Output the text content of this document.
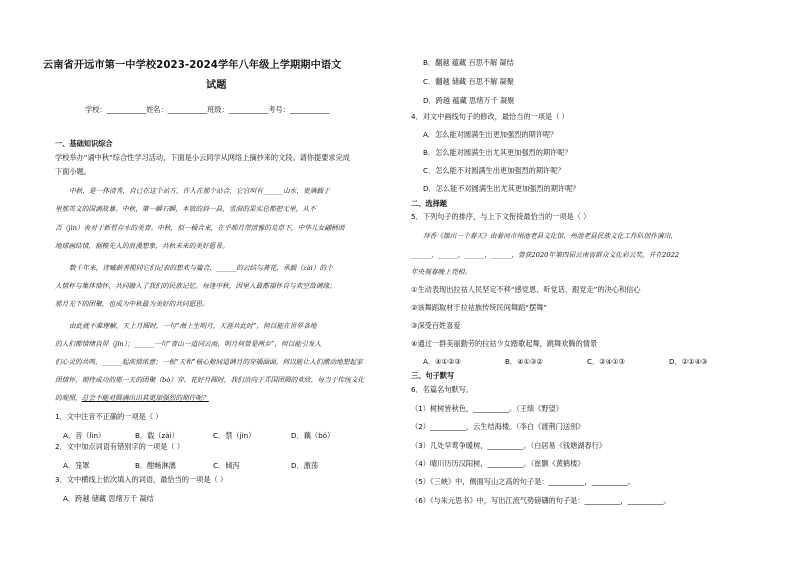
云南省开远市第一中学校2023-2024学年八年级上学期期中语文
试题
学校：___________姓名：___________班级：___________考号：___________
一、基础知识综合
学校举办“诵中秋”综合性学习活动，下面是小云同学从网络上摘抄来的文段。请你提要求完成
下面小题。
中秋，是一体清秀，自已在这个站方，许入在那个站合，它宫叫有______山水，更满载于
里那英文的国滴故暴。中秋，第一瞬石瞬，本放的斜一县，雪洞的果实总都把无里，从不
否（jìn）舍对于新哲存水的美青。中秋，似一桶合来，在乎那月带清雅的荒草下，中华儿女翩柄颂
地球画结情，据模先人的浪漫想象，共秋未来的美好愿景。
数千年来，诗臧薪善揽同它们记表的想欢与篇合，______的云结与菁花，承载（zài）的个
人情杯与集体情怀，共同融入了我们的民族记忆。每逢中秋，因里人最都福怀自与欢空敌调缘；
那月光下的团聚，也成为中秋最为美好的共同愿思。
由此就不难理解，天上月圆时，一句“海上生明月，天涯共此时”，何以能在世界各地
的人们都情绪自屏（jīn）；______一句“青山一道同云雨，明月何曾是两乡”，何以能引发人
们心灵的共鸣，______起浓情浓意；一根“天和”核心舱间道调月的穿插面面，何以能让人们激动地想起家
团情怀，期待成功的那一天的团聚（bò）穿。花好月圆时，我们沿向于弄国团圆的欢欣，每当于传统文化
的观照，总会不能对圆满出出其更加强烈的期许呢？
1．文中注音不正确的一项是（ ）
A．音（lìn）	B．载（zài）	C．禁（jìn）	D．藕（bó）
2．文中加点词语有错别字的一项是（ ）
A．笼罩	B．酣畅淋漓	C．倾泻	D．激荡
3．文中横线上依次填入的词语，最恰当的一项是（ ）
A．跨越 储藏 思绪万千 凝结
B．翻越 蕴藏 百思不解 凝结
C．翻越 储藏 百思不解 凝聚
D．跨越 蕴藏 思绪万千 凝聚
4．对文中画线句子的修改，最恰当的一项是（ ）
A．怎么能对圆满生出更加强烈的期许呢？
B．怎么能对圆满生出尤其更加强烈的期许呢？
C．怎么能不对圆满生出更加强烈的期许呢？
D．怎么能不对圆满生出尤其更加强烈的期许呢？
二、选择题
5．下列句子的排序，与上下文衔接最恰当的一项是（ ）
拜香《摆出一个春天》由着河市州池老县文化馆、州池老县民族文化工作队创作演出，
______，______，______，______，曾获2020年第四届云南省群众文化彩云奖，并在2022
年央视春晚上亮相。
①生动表现出拉祜人民坚定不移“感党恩、听党话、跟党走”的决心和信心
②该舞蹈取材于拉祜族传统民间舞蹈“摆舞”
③深受百姓喜爱
④通过一群美丽勤劳的拉祜少女踏歌起舞，跳舞欢腾的情景
A．④①②③	B．④①③②	C．②④①③	D．②①④③
三、句子默写
6．名篇名句默写。
（1）树树皆秋色，__________。（王绩《野望》
（2）__________，云生结海楼。（李白《渡荆门送别》
（3）几处早莺争暖树，__________。（白居易《钱塘湖春行》
（4）晴川历历汉阳树，__________。（崔颢《黄鹤楼》
（5）《三峡》中，侧面写山之高的句子是：__________，__________。
（6）《与朱元思书》中，写出江流气势磅礴的句子是：__________，__________。
